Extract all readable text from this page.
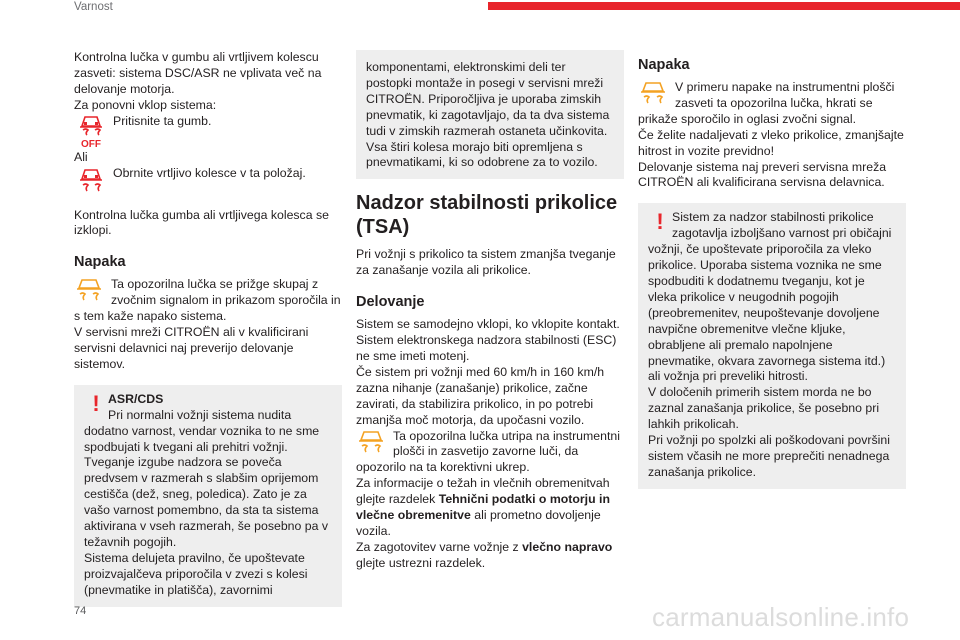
Varnost

Kontrolna lučka v gumbu ali vrtljivem kolescu zasveti: sistema DSC/ASR ne vplivata več na delovanje motorja.

Za ponovni vklop sistema:

OFF

Pritisnite ta gumb.

Ali

Obrnite vrtljivo kolesce v ta položaj.

Kontrolna lučka gumba ali vrtljivega kolesca se izklopi.

Napaka

Ta opozorilna lučka se prižge skupaj z zvočnim signalom in prikazom sporočila in

s tem kaže napako sistema.

V servisni mreži CITROËN ali v kvalificirani servisni delavnici naj preverijo delovanje sistemov.

! ASR/CDS

Pri normalni vožnji sistema nudita

dodatno varnost, vendar voznika to ne sme spodbujati k tvegani ali prehitri vožnji. Tveganje izgube nadzora se poveča predvsem v razmerah s slabšim oprijemom cestišča (dež, sneg, poledica). Zato je za vašo varnost pomembno, da sta ta sistema aktivirana v vseh razmerah, še posebno pa v težavnih pogojih.

Sistema delujeta pravilno, če upoštevate proizvajalčeva priporočila v zvezi s kolesi (pnevmatike in platišča), zavornimi

komponentami, elektronskimi deli ter postopki montaže in posegi v servisni mreži CITROËN. Priporočljiva je uporaba zimskih pnevmatik, ki zagotavljajo, da ta dva sistema tudi v zimskih razmerah ostaneta učinkovita. Vsa štiri kolesa morajo biti opremljena s pnevmatikami, ki so odobrene za to vozilo.

Nadzor stabilnosti prikolice (TSA)

Pri vožnji s prikolico ta sistem zmanjša tveganje za zanašanje vozila ali prikolice.

Delovanje

Sistem se samodejno vklopi, ko vklopite kontakt.

Sistem elektronskega nadzora stabilnosti (ESC) ne sme imeti motenj.

Če sistem pri vožnji med 60 km/h in 160 km/h zazna nihanje (zanašanje) prikolice, začne zavirati, da stabilizira prikolico, in po potrebi zmanjša moč motorja, da upočasni vozilo.

Ta opozorilna lučka utripa na instrumentni plošči in zasvetijo zavorne luči, da

opozorilo na ta korektivni ukrep.

Za informacije o težah in vlečnih obremenitvah glejte razdelek Tehnični podatki o motorju in vlečne obremenitve ali prometno dovoljenje vozila.

Za zagotovitev varne vožnje z vlečno napravo glejte ustrezni razdelek.

Napaka

V primeru napake na instrumentni plošči zasveti ta opozorilna lučka, hkrati se

prikaže sporočilo in oglasi zvočni signal.

Če želite nadaljevati z vleko prikolice, zmanjšajte hitrost in vozite previdno!

Delovanje sistema naj preveri servisna mreža CITROËN ali kvalificirana servisna delavnica.

! Sistem za nadzor stabilnosti prikolice zagotavlja izboljšano varnost pri običajni

vožnji, če upoštevate priporočila za vleko prikolice. Uporaba sistema voznika ne sme spodbuditi k dodatnemu tveganju, kot je vleka prikolice v neugodnih pogojih (preobremenitev, neupoštevanje dovoljene navpične obremenitve vlečne kljuke, obrabljene ali premalo napolnjene pnevmatike, okvara zavornega sistema itd.) ali vožnja pri preveliki hitrosti.

V določenih primerih sistem morda ne bo zaznal zanašanja prikolice, še posebno pri lahkih prikolicah.

Pri vožnji po spolzki ali poškodovani površini sistem včasih ne more preprečiti nenadnega zanašanja prikolice.

74	carmanualsonline.info
